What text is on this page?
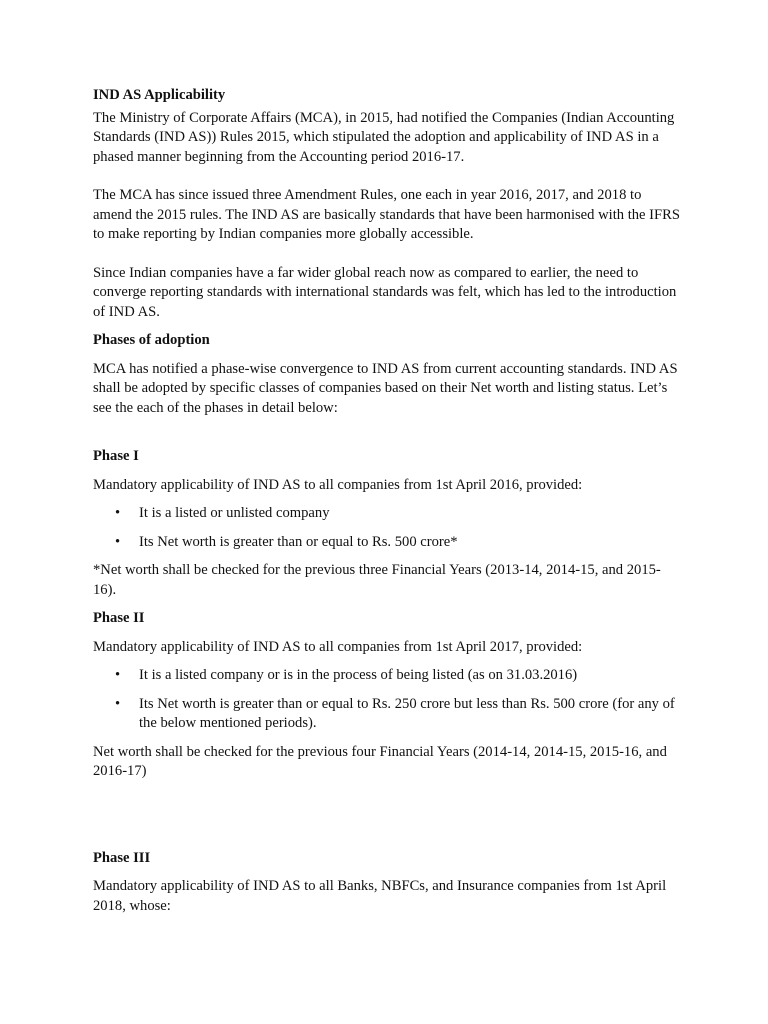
IND AS Applicability

The Ministry of Corporate Affairs (MCA), in 2015, had notified the Companies (Indian Accounting Standards (IND AS)) Rules 2015, which stipulated the adoption and applicability of IND AS in a phased manner beginning from the Accounting period 2016-17.

The MCA has since issued three Amendment Rules, one each in year 2016, 2017, and 2018 to amend the 2015 rules. The IND AS are basically standards that have been harmonised with the IFRS to make reporting by Indian companies more globally accessible.

Since Indian companies have a far wider global reach now as compared to earlier, the need to converge reporting standards with international standards was felt, which has led to the introduction of IND AS.

Phases of adoption

MCA has notified a phase-wise convergence to IND AS from current accounting standards. IND AS shall be adopted by specific classes of companies based on their Net worth and listing status. Let’s see the each of the phases in detail below:

Phase I

Mandatory applicability of IND AS to all companies from 1st April 2016, provided:

• It is a listed or unlisted company
• Its Net worth is greater than or equal to Rs. 500 crore*

*Net worth shall be checked for the previous three Financial Years (2013-14, 2014-15, and 2015-16).

Phase II

Mandatory applicability of IND AS to all companies from 1st April 2017, provided:

• It is a listed company or is in the process of being listed (as on 31.03.2016)
• Its Net worth is greater than or equal to Rs. 250 crore but less than Rs. 500 crore (for any of the below mentioned periods).

Net worth shall be checked for the previous four Financial Years (2014-14, 2014-15, 2015-16, and 2016-17)

Phase III

Mandatory applicability of IND AS to all Banks, NBFCs, and Insurance companies from 1st April 2018, whose:
